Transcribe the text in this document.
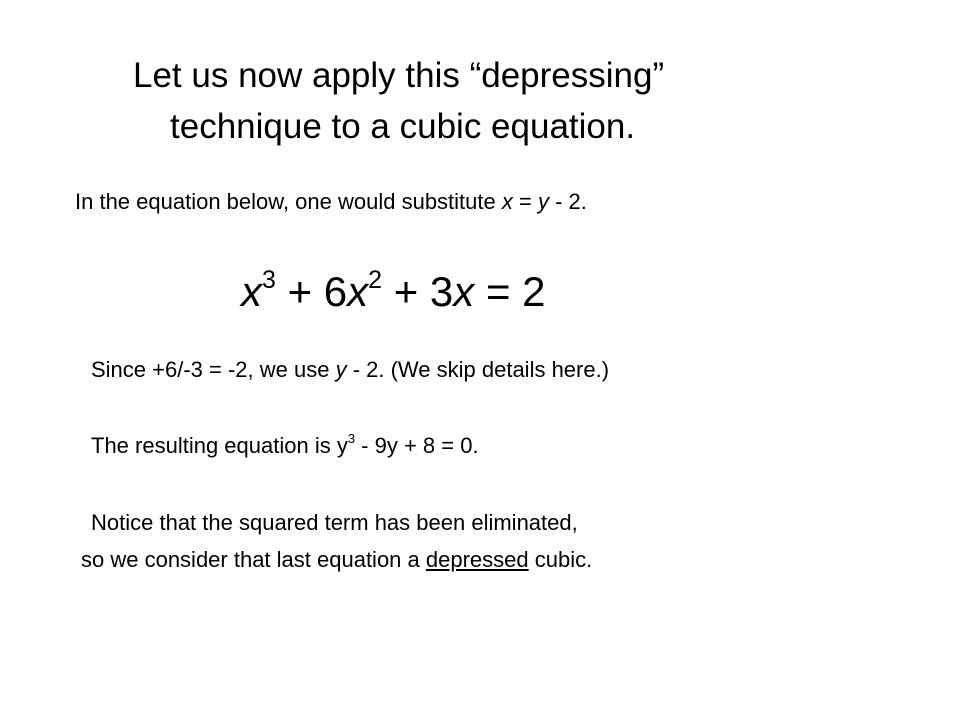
Let us now apply this “depressing”

technique to a cubic equation.

In the equation below, one would substitute x = y - 2.

$x^3 + 6x^2 + 3x = 2$

Since +6/-3 = -2, we use y - 2. (We skip details here.)

The resulting equation is $y^3 - 9y + 8 = 0$.

Notice that the squared term has been eliminated,

so we consider that last equation a depressed cubic.
